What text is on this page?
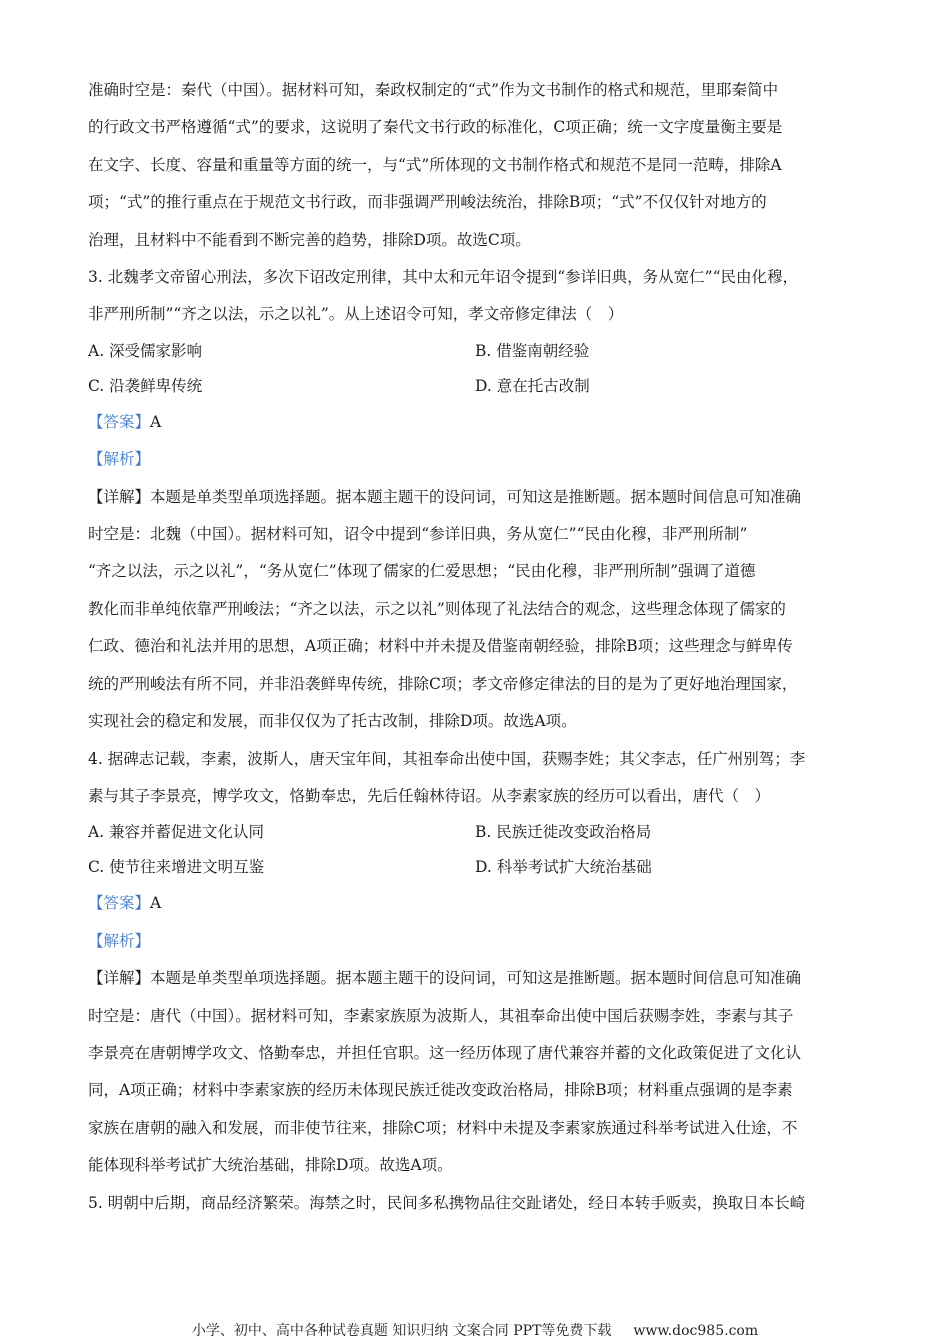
准确时空是：秦代（中国）。据材料可知，秦政权制定的“式”作为文书制作的格式和规范，里耶秦简中

的行政文书严格遵循“式”的要求，这说明了秦代文书行政的标准化，C项正确；统一文字度量衡主要是

在文字、长度、容量和重量等方面的统一，与“式”所体现的文书制作格式和规范不是同一范畴，排除A

项；“式”的推行重点在于规范文书行政，而非强调严刑峻法统治，排除B项；“式”不仅仅针对地方的

治理，且材料中不能看到不断完善的趋势，排除D项。故选C项。

3. 北魏孝文帝留心刑法，多次下诏改定刑律，其中太和元年诏令提到“参详旧典，务从宽仁”“民由化穆，

非严刑所制”“齐之以法，示之以礼”。从上述诏令可知，孝文帝修定律法（　）

A. 深受儒家影响	B. 借鉴南朝经验
C. 沿袭鲜卑传统	D. 意在托古改制

【答案】A

【解析】

【详解】本题是单类型单项选择题。据本题主题干的设问词，可知这是推断题。据本题时间信息可知准确

时空是：北魏（中国）。据材料可知，诏令中提到“参详旧典，务从宽仁”“民由化穆，非严刑所制”

“齐之以法，示之以礼”，“务从宽仁”体现了儒家的仁爱思想；“民由化穆，非严刑所制”强调了道德

教化而非单纯依靠严刑峻法；“齐之以法，示之以礼”则体现了礼法结合的观念，这些理念体现了儒家的

仁政、德治和礼法并用的思想，A项正确；材料中并未提及借鉴南朝经验，排除B项；这些理念与鲜卑传

统的严刑峻法有所不同，并非沿袭鲜卑传统，排除C项；孝文帝修定律法的目的是为了更好地治理国家，

实现社会的稳定和发展，而非仅仅为了托古改制，排除D项。故选A项。

4. 据碑志记载，李素，波斯人，唐天宝年间，其祖奉命出使中国，获赐李姓；其父李志，任广州别驾；李

素与其子李景亮，博学攻文，恪勤奉忠，先后任翰林待诏。从李素家族的经历可以看出，唐代（　）

A. 兼容并蓄促进文化认同	B. 民族迁徙改变政治格局
C. 使节往来增进文明互鉴	D. 科举考试扩大统治基础

【答案】A

【解析】

【详解】本题是单类型单项选择题。据本题主题干的设问词，可知这是推断题。据本题时间信息可知准确

时空是：唐代（中国）。据材料可知，李素家族原为波斯人，其祖奉命出使中国后获赐李姓，李素与其子

李景亮在唐朝博学攻文、恪勤奉忠，并担任官职。这一经历体现了唐代兼容并蓄的文化政策促进了文化认

同，A项正确；材料中李素家族的经历未体现民族迁徙改变政治格局，排除B项；材料重点强调的是李素

家族在唐朝的融入和发展，而非使节往来，排除C项；材料中未提及李素家族通过科举考试进入仕途，不

能体现科举考试扩大统治基础，排除D项。故选A项。

5. 明朝中后期，商品经济繁荣。海禁之时，民间多私携物品往交趾诸处，经日本转手贩卖，换取日本长崎

小学、初中、高中各种试卷真题 知识归纳 文案合同 PPT等免费下载 www.doc985.com
